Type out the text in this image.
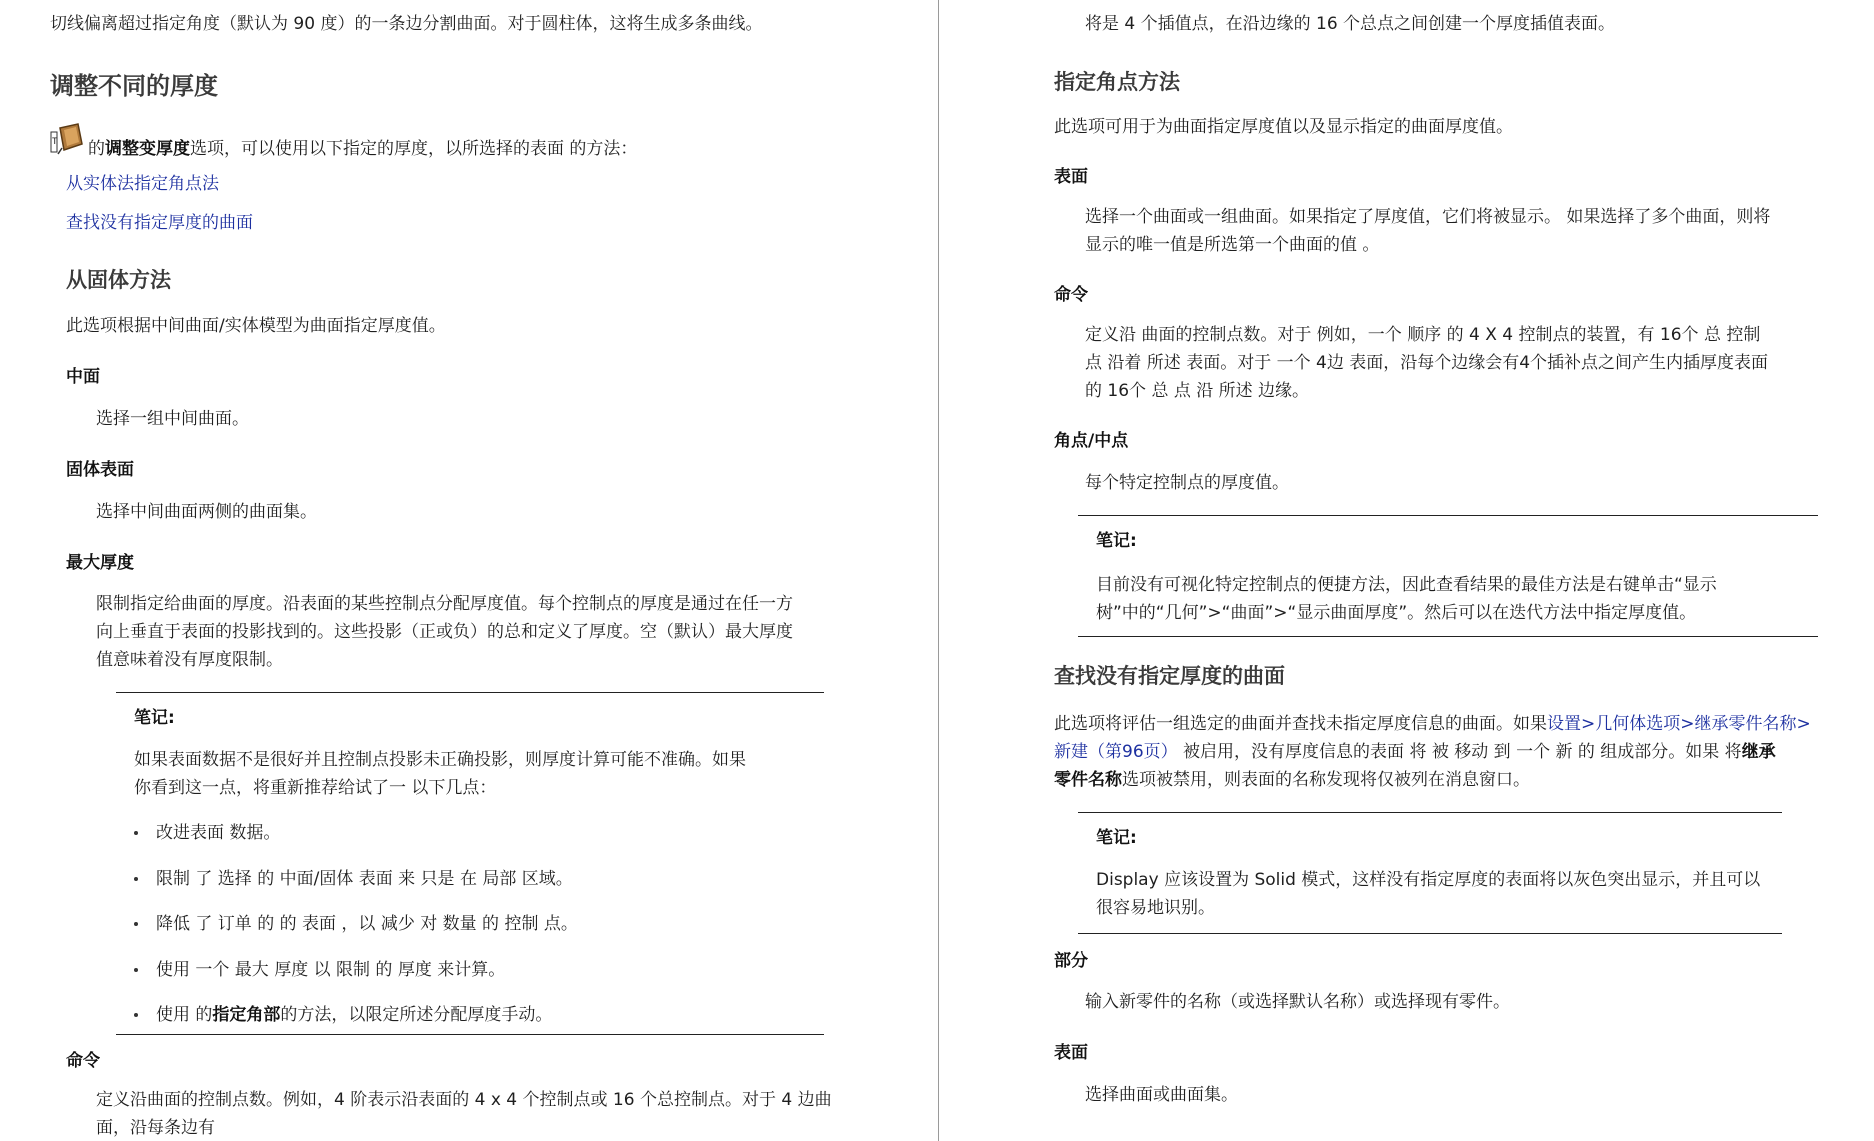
切线偏离超过指定角度（默认为 90 度）的一条边分割曲面。对于圆柱体，这将生成多条曲线。
调整不同的厚度
T 的调整变厚度选项，可以使用以下指定的厚度，以所选择的表面 的方法：
从实体法指定角点法
查找没有指定厚度的曲面
从固体方法
此选项根据中间曲面/实体模型为曲面指定厚度值。
中面
选择一组中间曲面。
固体表面
选择中间曲面两侧的曲面集。
最大厚度
限制指定给曲面的厚度。沿表面的某些控制点分配厚度值。每个控制点的厚度是通过在任一方
向上垂直于表面的投影找到的。这些投影（正或负）的总和定义了厚度。空（默认）最大厚度
值意味着没有厚度限制。
笔记:
如果表面数据不是很好并且控制点投影未正确投影，则厚度计算可能不准确。如果
你看到这一点，将重新推荐给试了一 以下几点：
改进表面 数据。
限制 了 选择 的 中面/固体 表面 来 只是 在 局部 区域。
降低 了 订单 的 的 表面 ，以 减少 对 数量 的 控制 点。
使用 一个 最大 厚度 以 限制 的 厚度 来计算。
使用 的指定角部的方法，以限定所述分配厚度手动。
命令
定义沿曲面的控制点数。例如，4 阶表示沿表面的 4 x 4 个控制点或 16 个总控制点。对于 4 边曲
面，沿每条边有
将是 4 个插值点，在沿边缘的 16 个总点之间创建一个厚度插值表面。
指定角点方法
此选项可用于为曲面指定厚度值以及显示指定的曲面厚度值。
表面
选择一个曲面或一组曲面。如果指定了厚度值，它们将被显示。 如果选择了多个曲面，则将
显示的唯一值是所选第一个曲面的值 。
命令
定义沿 曲面的控制点数。对于 例如，一个 顺序 的 4 X 4 控制点的装置，有 16个 总 控制
点 沿着 所述 表面。对于 一个 4边 表面，沿每个边缘会有4个插补点之间产生内插厚度表面
的 16个 总 点 沿 所述 边缘。
角点/中点
每个特定控制点的厚度值。
笔记:
目前没有可视化特定控制点的便捷方法，因此查看结果的最佳方法是右键单击“显示
树”中的“几何”>“曲面”>“显示曲面厚度”。然后可以在迭代方法中指定厚度值。
查找没有指定厚度的曲面
此选项将评估一组选定的曲面并查找未指定厚度信息的曲面。如果设置>几何体选项>继承零件名称>
新建（第96页） 被启用，没有厚度信息的表面 将 被 移动 到 一个 新 的 组成部分。如果 将继承
零件名称选项被禁用，则表面的名称发现将仅被列在消息窗口。
笔记:
Display 应该设置为 Solid 模式，这样没有指定厚度的表面将以灰色突出显示，并且可以
很容易地识别。
部分
输入新零件的名称（或选择默认名称）或选择现有零件。
表面
选择曲面或曲面集。
